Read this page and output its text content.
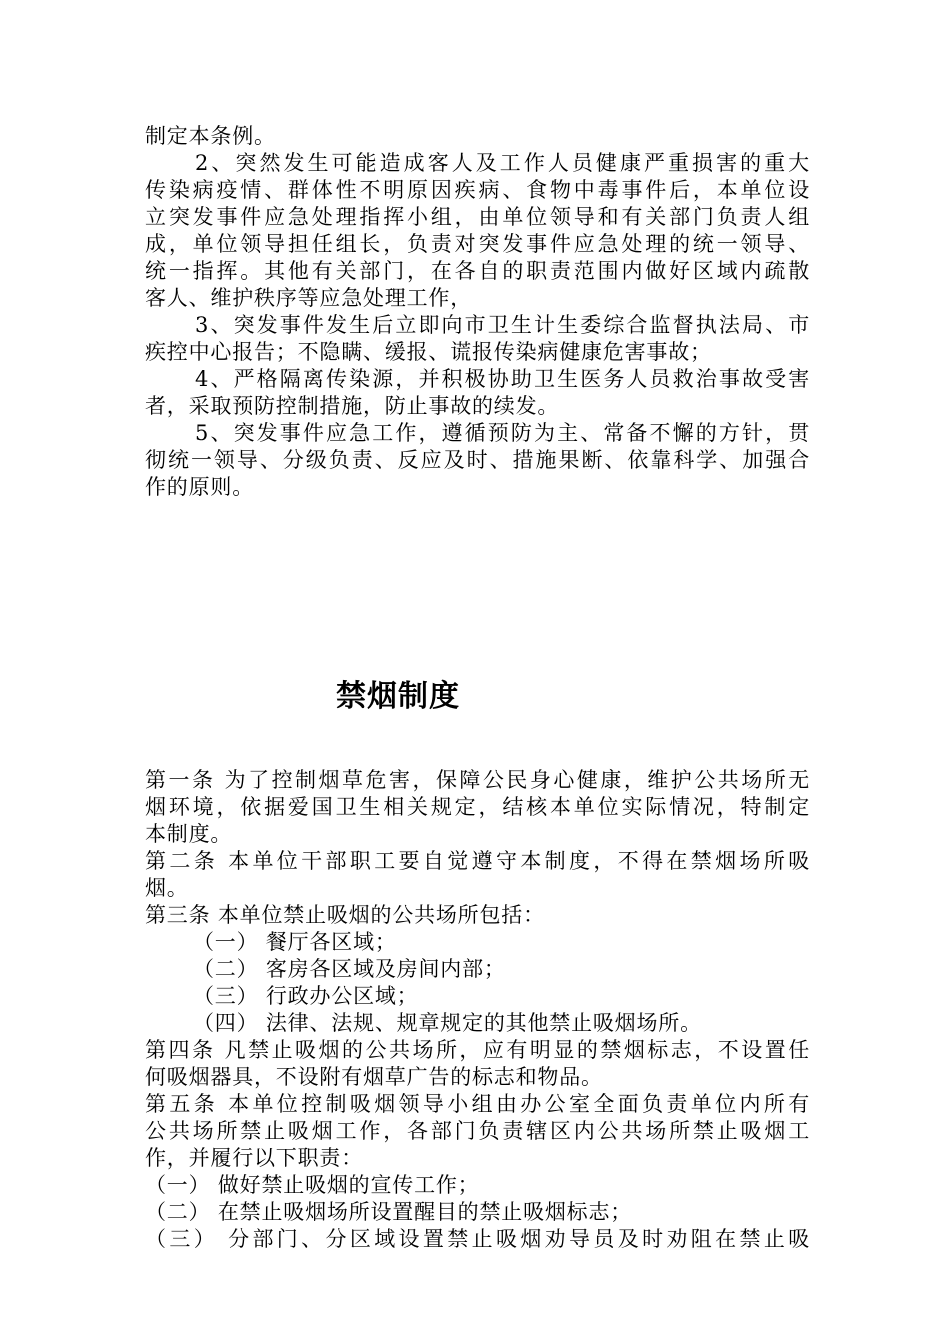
制定本条例。
2、突然发生可能造成客人及工作人员健康严重损害的重大
传染病疫情、群体性不明原因疾病、食物中毒事件后，本单位设
立突发事件应急处理指挥小组，由单位领导和有关部门负责人组
成，单位领导担任组长，负责对突发事件应急处理的统一领导、
统一指挥。其他有关部门，在各自的职责范围内做好区域内疏散
客人、维护秩序等应急处理工作，
3、突发事件发生后立即向市卫生计生委综合监督执法局、市
疾控中心报告；不隐瞒、缓报、谎报传染病健康危害事故；
4、严格隔离传染源，并积极协助卫生医务人员救治事故受害
者，采取预防控制措施，防止事故的续发。
5、突发事件应急工作，遵循预防为主、常备不懈的方针，贯
彻统一领导、分级负责、反应及时、措施果断、依靠科学、加强合
作的原则。
禁烟制度
第一条 为了控制烟草危害，保障公民身心健康，维护公共场所无
烟环境，依据爱国卫生相关规定，结核本单位实际情况，特制定
本制度。
第二条 本单位干部职工要自觉遵守本制度，不得在禁烟场所吸
烟。
第三条 本单位禁止吸烟的公共场所包括：
（一） 餐厅各区域；
（二） 客房各区域及房间内部；
（三） 行政办公区域；
（四） 法律、法规、规章规定的其他禁止吸烟场所。
第四条 凡禁止吸烟的公共场所，应有明显的禁烟标志，不设置任
何吸烟器具，不设附有烟草广告的标志和物品。
第五条 本单位控制吸烟领导小组由办公室全面负责单位内所有
公共场所禁止吸烟工作，各部门负责辖区内公共场所禁止吸烟工
作，并履行以下职责：
（一） 做好禁止吸烟的宣传工作；
（二） 在禁止吸烟场所设置醒目的禁止吸烟标志；
（三） 分部门、分区域设置禁止吸烟劝导员及时劝阻在禁止吸
